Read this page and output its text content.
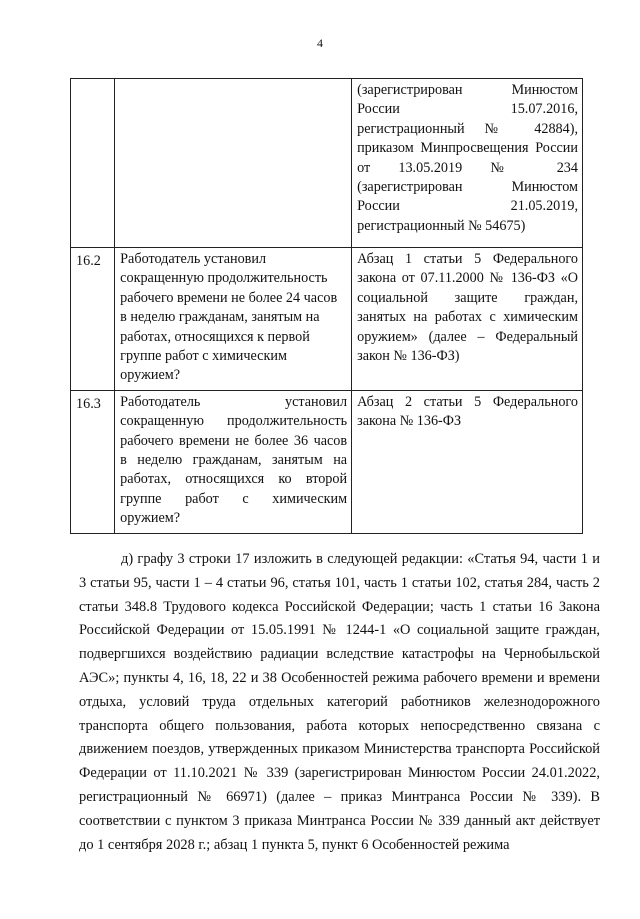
4
		(зарегистрирован Минюстом России 15.07.2016, регистрационный № 42884), приказом Минпросвещения России от 13.05.2019 № 234 (зарегистрирован Минюстом России 21.05.2019, регистрационный № 54675)
16.2	Работодатель установил сокращенную продолжительность рабочего времени не более 24 часов в неделю гражданам, занятым на работах, относящихся к первой группе работ с химическим оружием?	Абзац 1 статьи 5 Федерального закона от 07.11.2000 № 136-ФЗ «О социальной защите граждан, занятых на работах с химическим оружием» (далее – Федеральный закон № 136-ФЗ)
16.3	Работодатель установил сокращенную продолжительность рабочего времени не более 36 часов в неделю гражданам, занятым на работах, относящихся ко второй группе работ с химическим оружием?	Абзац 2 статьи 5 Федерального закона № 136-ФЗ

д) графу 3 строки 17 изложить в следующей редакции: «Статья 94, части 1 и 3 статьи 95, части 1 – 4 статьи 96, статья 101, часть 1 статьи 102, статья 284, часть 2 статьи 348.8 Трудового кодекса Российской Федерации; часть 1 статьи 16 Закона Российской Федерации от 15.05.1991 № 1244-1 «О социальной защите граждан, подвергшихся воздействию радиации вследствие катастрофы на Чернобыльской АЭС»; пункты 4, 16, 18, 22 и 38 Особенностей режима рабочего времени и времени отдыха, условий труда отдельных категорий работников железнодорожного транспорта общего пользования, работа которых непосредственно связана с движением поездов, утвержденных приказом Министерства транспорта Российской Федерации от 11.10.2021 № 339 (зарегистрирован Минюстом России 24.01.2022, регистрационный № 66971) (далее – приказ Минтранса России № 339). В соответствии с пунктом 3 приказа Минтранса России № 339 данный акт действует до 1 сентября 2028 г.; абзац 1 пункта 5, пункт 6 Особенностей режима
